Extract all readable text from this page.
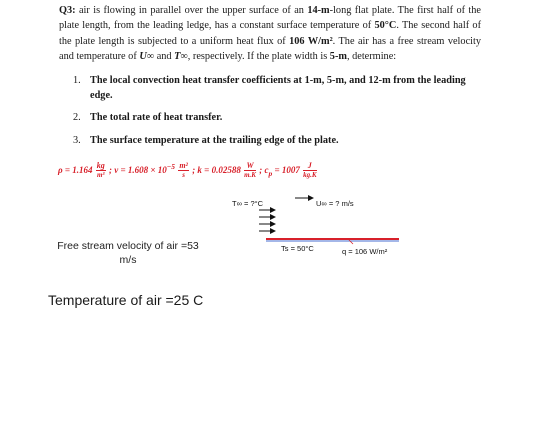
Q3: air is flowing in parallel over the upper surface of an 14-m-long flat plate. The first half of the plate length, from the leading ledge, has a constant surface temperature of 50°C. The second half of the plate length is subjected to a uniform heat flux of 106 W/m². The air has a free stream velocity and temperature of U∞ and T∞, respectively. If the plate width is 5-m, determine:
1. The local convection heat transfer coefficients at 1-m, 5-m, and 12-m from the leading edge.
2. The total rate of heat transfer.
3. The surface temperature at the trailing edge of the plate.
$\rho = 1.164 \frac{kg}{\text{m³}}$ ; $\nu = 1.608 \times 10^{-5} \frac{\text{m²}}{s}$ ; $k = 0.02588 \frac{W}{m.K}$ ; $c_p = 1007 \frac{J}{kg.K}$
T∞ = ?°C	U∞ = ? m/s
Ts = 50°C	q = 106 W/m²
Free stream velocity of air =53 m/s
Temperature of air =25 C
